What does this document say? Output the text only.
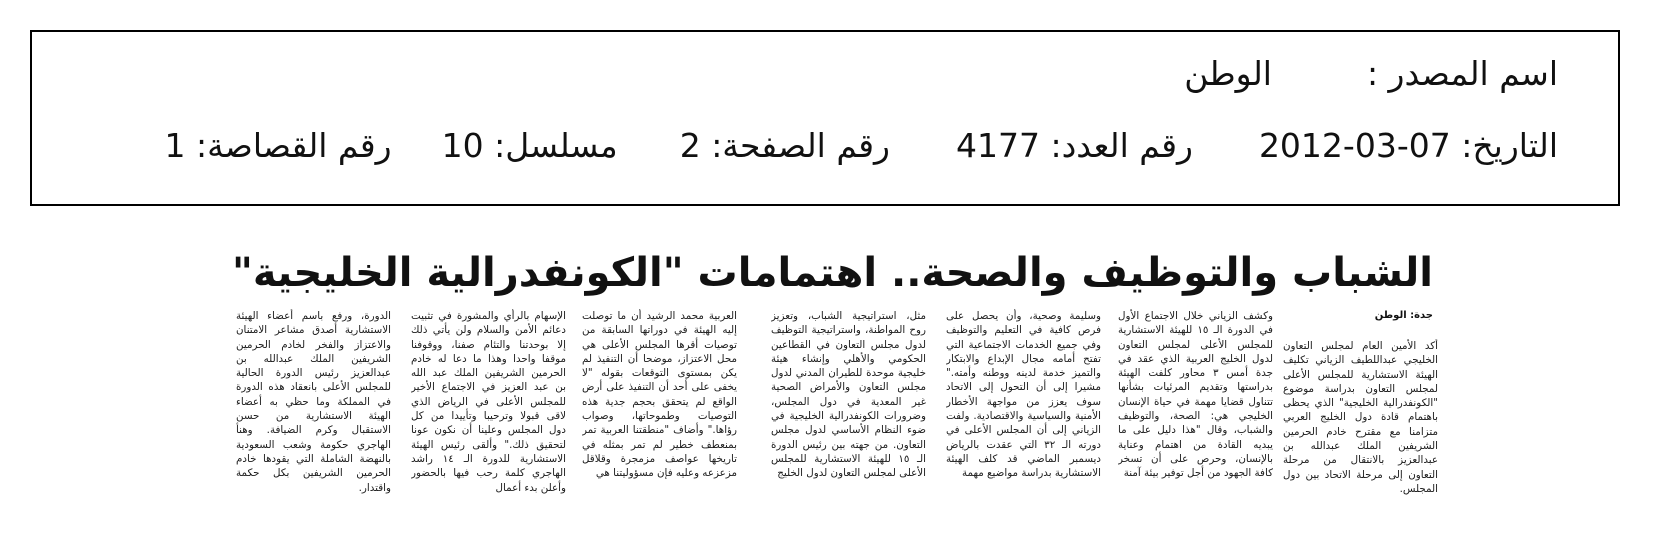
اسم المصدر :الوطن
التاريخ: 2012-03-07رقم العدد: 4177رقم الصفحة: 2مسلسل: 10رقم القصاصة: 1
الشباب والتوظيف والصحة.. اهتمامات "الكونفدرالية الخليجية"
جدة: الوطن
أكد الأمين العام لمجلس التعاون الخليجي عبداللطيف الزياني تكليف الهيئة الاستشارية للمجلس الأعلى لمجلس التعاون بدراسة موضوع "الكونفدرالية الخليجية" الذي يحظى باهتمام قادة دول الخليج العربي متزامنا مع مقترح خادم الحرمين الشريفين الملك عبدالله بن عبدالعزيز بالانتقال من مرحلة التعاون إلى مرحلة الاتحاد بين دول المجلس.
وكشف الزياني خلال الاجتماع الأول في الدورة الـ ١٥ للهيئة الاستشارية للمجلس الأعلى لمجلس التعاون لدول الخليج العربية الذي عقد في جدة أمس ٣ محاور كلفت الهيئة بدراستها وتقديم المرئيات بشأنها تتناول قضايا مهمة في حياة الإنسان الخليجي هي: الصحة، والتوظيف والشباب، وقال "هذا دليل على ما يبديه القادة من اهتمام وعناية بالإنسان، وحرص على أن تسخر كافة الجهود من أجل توفير بيئة آمنة
وسليمة وصحية، وأن يحصل على فرص كافية في التعليم والتوظيف وفي جميع الخدمات الاجتماعية التي تفتح أمامه مجال الإبداع والابتكار والتميز خدمة لدينه ووطنه وأمته." مشيرا إلى أن التحول إلى الاتحاد سوف يعزز من مواجهة الأخطار الأمنية والسياسية والاقتصادية. ولفت الزياني إلى أن المجلس الأعلى في دورته الـ ٣٢ التي عقدت بالرياض ديسمبر الماضي قد كلف الهيئة الاستشارية بدراسة مواضيع مهمة
مثل، استراتيجية الشباب، وتعزيز روح المواطنة، واستراتيجية التوظيف لدول مجلس التعاون في القطاعين الحكومي والأهلي وإنشاء هيئة خليجية موحدة للطيران المدني لدول مجلس التعاون والأمراض الصحية غير المعدية في دول المجلس، وضرورات الكونفدرالية الخليجية في ضوء النظام الأساسي لدول مجلس التعاون. من جهته بين رئيس الدورة الـ ١٥ للهيئة الاستشارية للمجلس الأعلى لمجلس التعاون لدول الخليج
العربية محمد الرشيد أن ما توصلت إليه الهيئة في دوراتها السابقة من توصيات أقرها المجلس الأعلى هي محل الاعتزاز، موضحا أن التنفيذ لم يكن بمستوى التوقعات بقوله "لا يخفى على أحد أن التنفيذ على أرض الواقع لم يتحقق بحجم جدية هذه التوصيات وطموحاتها، وصواب رؤاها." وأضاف "منطقتنا العربية تمر بمنعطف خطير لم تمر بمثله في تاريخها عواصف مزمجرة وقلاقل مزعزعه وعليه فإن مسؤوليتنا هي
الإسهام بالرأي والمشورة في تثبيت دعائم الأمن والسلام ولن يأتي ذلك إلا بوحدتنا والتئام صفنا، ووقوفنا موقفا واحدا وهذا ما دعا له خادم الحرمين الشريفين الملك عبد الله بن عبد العزيز في الاجتماع الأخير للمجلس الأعلى في الرياض الذي لاقى قبولا وترحيبا وتأييدا من كل دول المجلس وعلينا أن نكون عونا لتحقيق ذلك." وألقى رئيس الهيئة الاستشارية للدورة الـ ١٤ راشد الهاجري كلمة رحب فيها بالحضور وأعلن بدء أعمال
الدورة، ورفع باسم أعضاء الهيئة الاستشارية أصدق مشاعر الامتنان والاعتزاز والفخر لخادم الحرمين الشريفين الملك عبدالله بن عبدالعزيز رئيس الدورة الحالية للمجلس الأعلى بانعقاد هذه الدورة في المملكة وما حظي به أعضاء الهيئة الاستشارية من حسن الاستقبال وكرم الضيافة. وهنأ الهاجري حكومة وشعب السعودية بالنهضة الشاملة التي يقودها خادم الحرمين الشريفين بكل حكمة واقتدار.
